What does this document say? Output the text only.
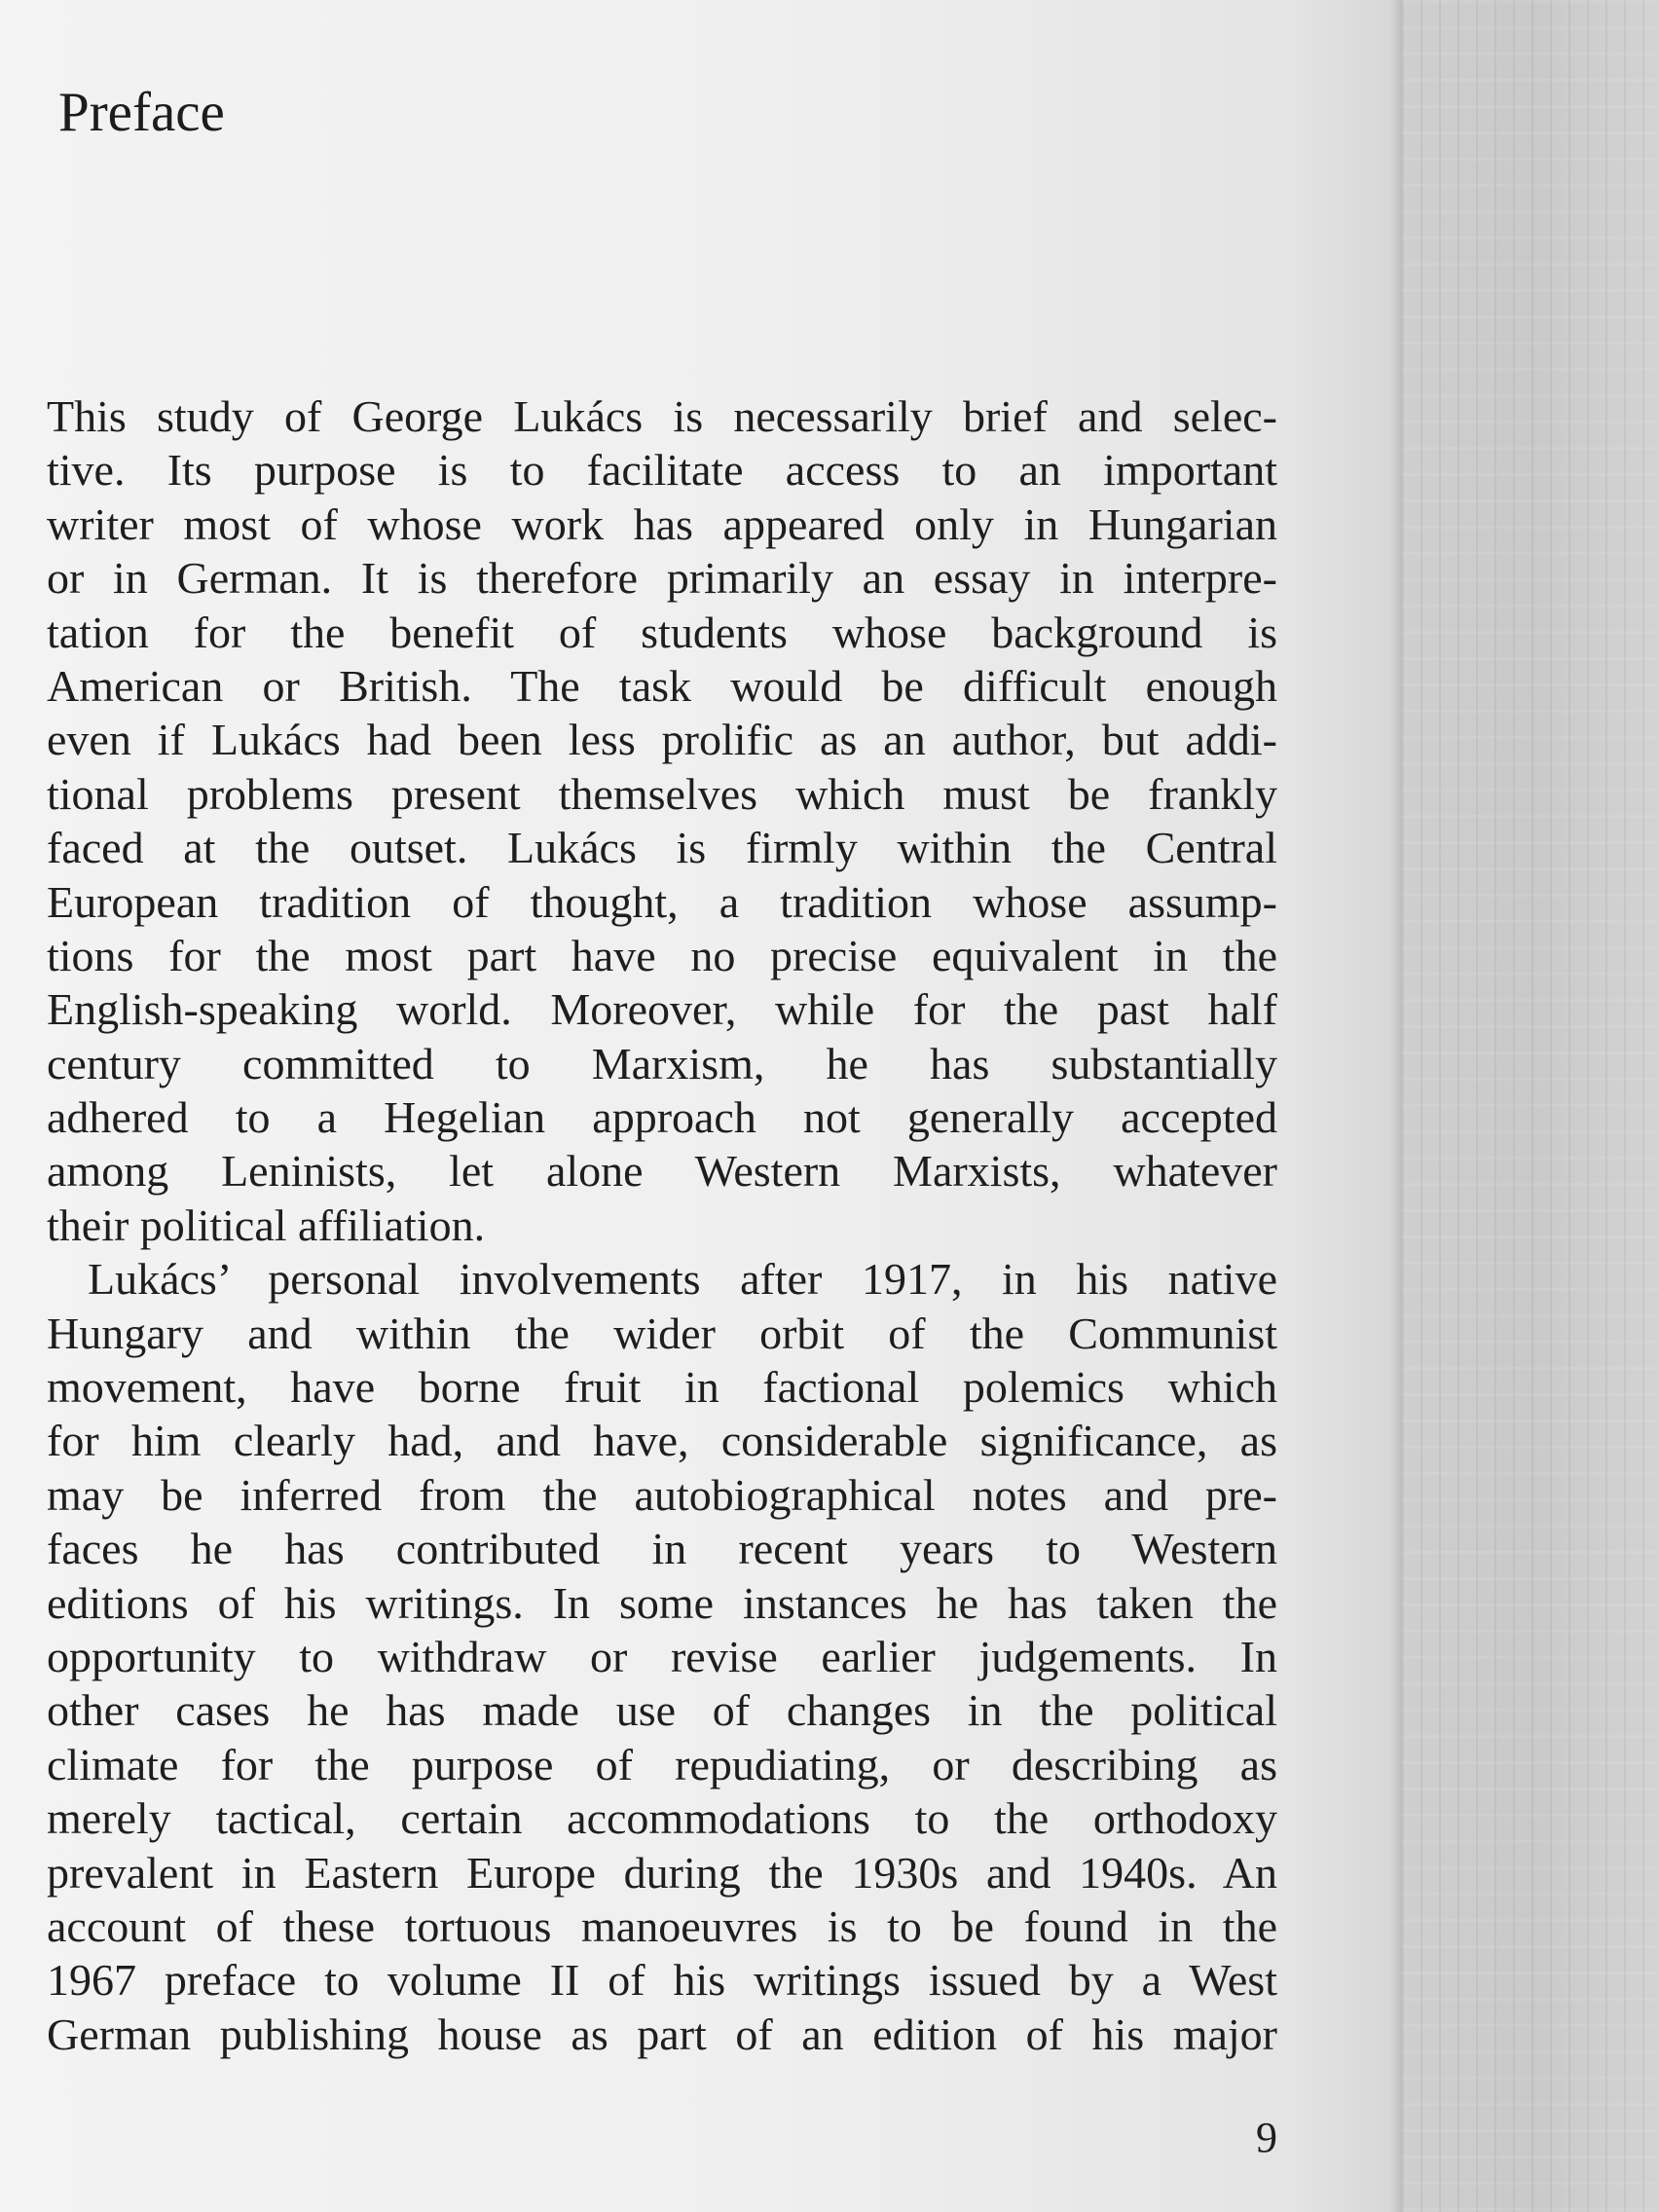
Preface
This study of George Lukács is necessarily brief and selec-
tive. Its purpose is to facilitate access to an important
writer most of whose work has appeared only in Hungarian
or in German. It is therefore primarily an essay in interpre-
tation for the benefit of students whose background is
American or British. The task would be difficult enough
even if Lukács had been less prolific as an author, but addi-
tional problems present themselves which must be frankly
faced at the outset. Lukács is firmly within the Central
European tradition of thought, a tradition whose assump-
tions for the most part have no precise equivalent in the
English-speaking world. Moreover, while for the past half
century committed to Marxism, he has substantially
adhered to a Hegelian approach not generally accepted
among Leninists, let alone Western Marxists, whatever
their political affiliation.
Lukács’ personal involvements after 1917, in his native
Hungary and within the wider orbit of the Communist
movement, have borne fruit in factional polemics which
for him clearly had, and have, considerable significance, as
may be inferred from the autobiographical notes and pre-
faces he has contributed in recent years to Western
editions of his writings. In some instances he has taken the
opportunity to withdraw or revise earlier judgements. In
other cases he has made use of changes in the political
climate for the purpose of repudiating, or describing as
merely tactical, certain accommodations to the orthodoxy
prevalent in Eastern Europe during the 1930s and 1940s. An
account of these tortuous manoeuvres is to be found in the
1967 preface to volume II of his writings issued by a West
German publishing house as part of an edition of his major

9
